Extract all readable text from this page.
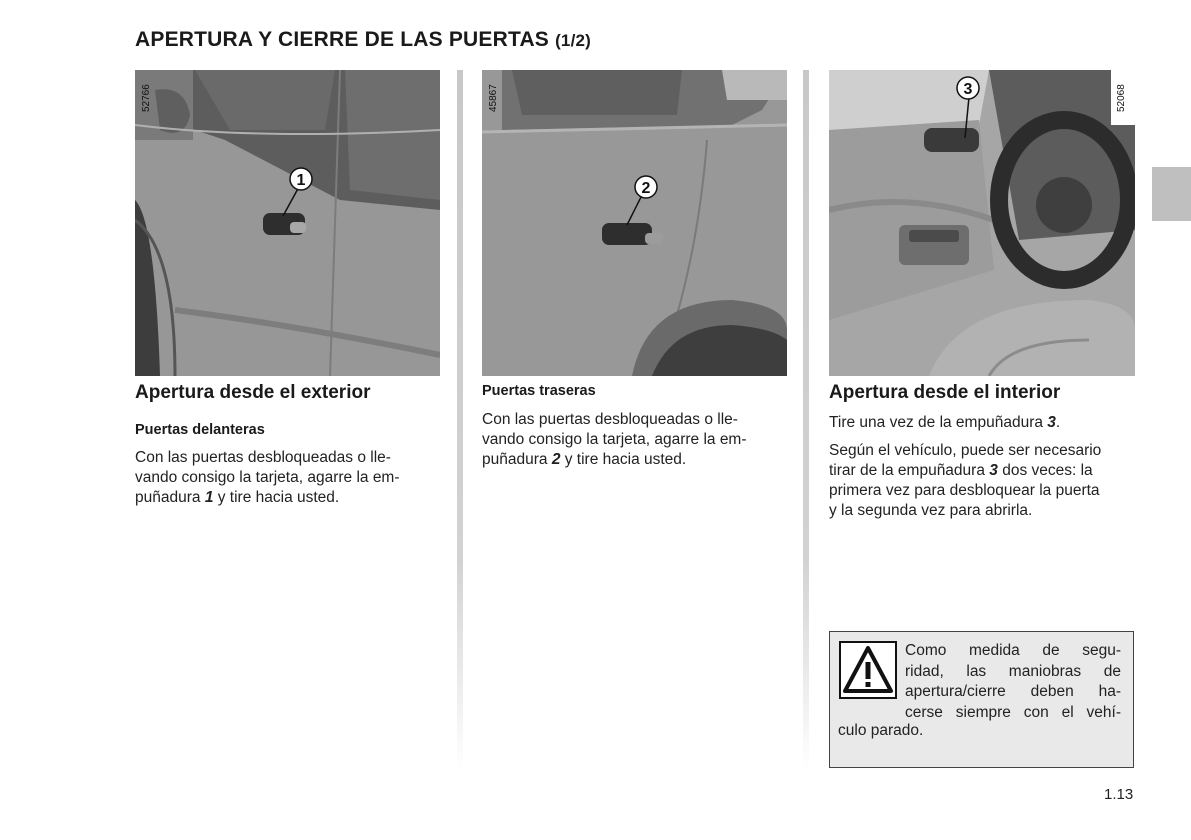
APERTURA Y CIERRE DE LAS PUERTAS (1/2)
1
52766
2
45867	3	52068
Apertura desde el exterior
Puertas delanteras
Con las puertas desbloqueadas o lle-
vando consigo la tarjeta, agarre la em-
puñadura 1 y tire hacia usted.
Puertas traseras
Con las puertas desbloqueadas o lle-
vando consigo la tarjeta, agarre la em-
puñadura 2 y tire hacia usted.
Apertura desde el interior
Tire una vez de la empuñadura 3.
Según el vehículo, puede ser necesario
tirar de la empuñadura 3 dos veces: la
primera vez para desbloquear la puerta
y la segunda vez para abrirla.
Como medida de segu-
ridad, las maniobras de
apertura/cierre deben ha-
cerse siempre con el vehí-
culo parado.
1.13
